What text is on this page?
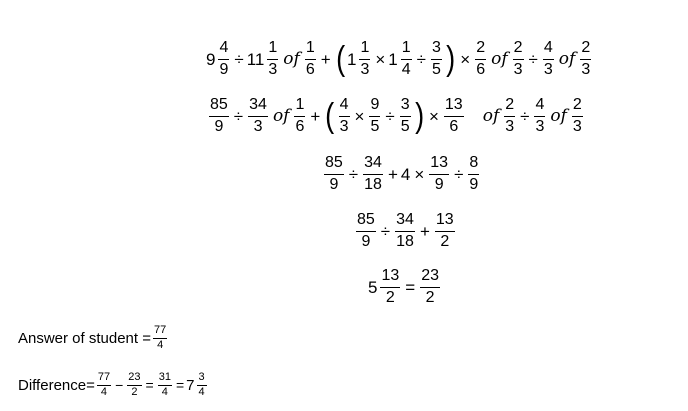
$9 \frac{4}{9} \div 11 \frac{1}{3}$ of $\frac{1}{6}$ + ( $1 \frac{1}{3} \times 1 \frac{1}{4} \div \frac{3}{5}$ ) × $\frac{2}{6}$ of $\frac{2}{3} \div \frac{4}{3}$ of $\frac{2}{3}$
$\frac{85}{9} \div \frac{34}{3}$ of $\frac{1}{6}$ + ( $\frac{4}{3} \times \frac{9}{5} \div \frac{3}{5}$ ) × $\frac{13}{6}$ of $\frac{2}{3} \div \frac{4}{3}$ of $\frac{2}{3}$
$\frac{85}{9} \div \frac{34}{18} + 4 \times \frac{13}{9} \div \frac{8}{9}$
$\frac{85}{9} \div \frac{34}{18} + \frac{13}{2}$
$5 \frac{13}{2} = \frac{23}{2}$
Answer of student = $\frac{77}{4}$
Difference= $\frac{77}{4} - \frac{23}{2} = \frac{31}{4} = 7 \frac{3}{4}$
